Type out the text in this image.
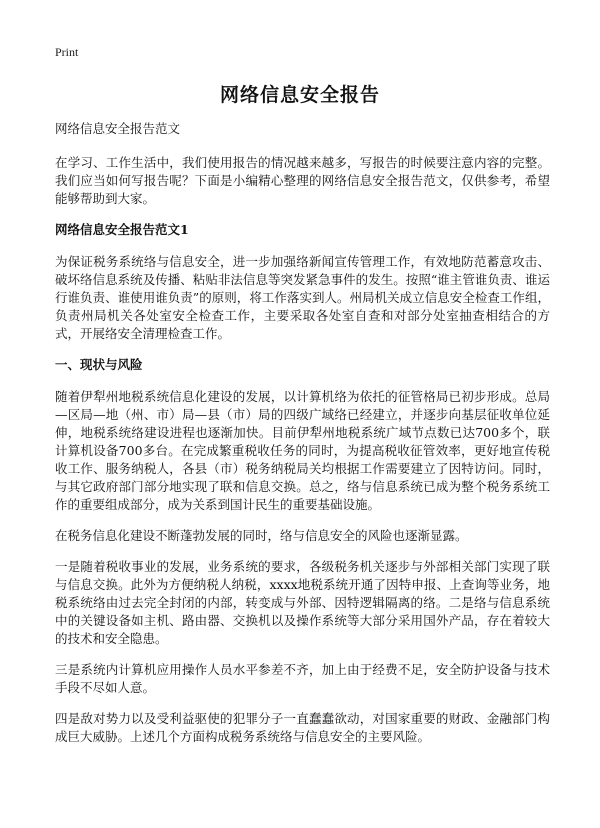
Print
网络信息安全报告

网络信息安全报告范文

在学习、工作生活中，我们使用报告的情况越来越多，写报告的时候要注意内容的完整。我们应当如何写报告呢？下面是小编精心整理的网络信息安全报告范文，仅供参考，希望能够帮助到大家。

网络信息安全报告范文1

为保证税务系统络与信息安全，进一步加强络新闻宣传管理工作，有效地防范蓄意攻击、破坏络信息系统及传播、粘贴非法信息等突发紧急事件的发生。按照“谁主管谁负责、谁运行谁负责、谁使用谁负责”的原则，将工作落实到人。州局机关成立信息安全检查工作组，负责州局机关各处室安全检查工作，主要采取各处室自查和对部分处室抽查相结合的方式，开展络安全清理检查工作。

一、现状与风险

随着伊犁州地税系统信息化建设的发展，以计算机络为依托的征管格局已初步形成。总局—区局—地（州、市）局—县（市）局的四级广域络已经建立，并逐步向基层征收单位延伸，地税系统络建设进程也逐渐加快。目前伊犁州地税系统广域节点数已达700多个，联计算机设备700多台。在完成繁重税收任务的同时，为提高税收征管效率，更好地宣传税收工作、服务纳税人，各县（市）税务纳税局关均根据工作需要建立了因特访问。同时，与其它政府部门部分地实现了联和信息交换。总之，络与信息系统已成为整个税务系统工作的重要组成部分，成为关系到国计民生的重要基础设施。

在税务信息化建设不断蓬勃发展的同时，络与信息安全的风险也逐渐显露。

一是随着税收事业的发展，业务系统的要求，各级税务机关逐步与外部相关部门实现了联与信息交换。此外为方便纳税人纳税，xxxx地税系统开通了因特申报、上查询等业务，地税系统络由过去完全封闭的内部，转变成与外部、因特逻辑隔离的络。二是络与信息系统中的关键设备如主机、路由器、交换机以及操作系统等大部分采用国外产品，存在着较大的技术和安全隐患。

三是系统内计算机应用操作人员水平参差不齐，加上由于经费不足，安全防护设备与技术手段不尽如人意。

四是敌对势力以及受利益驱使的犯罪分子一直蠢蠢欲动，对国家重要的财政、金融部门构成巨大威胁。上述几个方面构成税务系统络与信息安全的主要风险。
